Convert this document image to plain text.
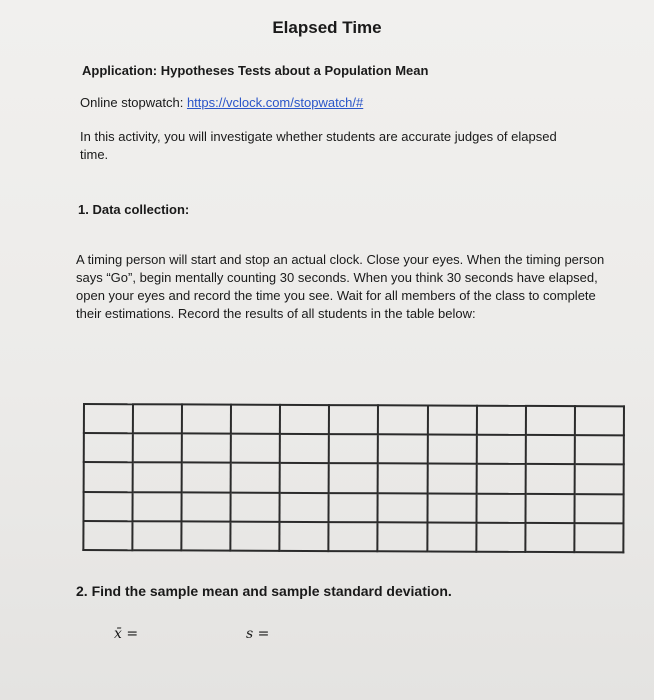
Elapsed Time
Application: Hypotheses Tests about a Population Mean
Online stopwatch: https://vclock.com/stopwatch/#
In this activity, you will investigate whether students are accurate judges of elapsed time.
1. Data collection:
A timing person will start and stop an actual clock. Close your eyes. When the timing person says “Go”, begin mentally counting 30 seconds. When you think 30 seconds have elapsed, open your eyes and record the time you see. Wait for all members of the class to complete their estimations. Record the results of all students in the table below:

2. Find the sample mean and sample standard deviation.
x̄ =	s =
